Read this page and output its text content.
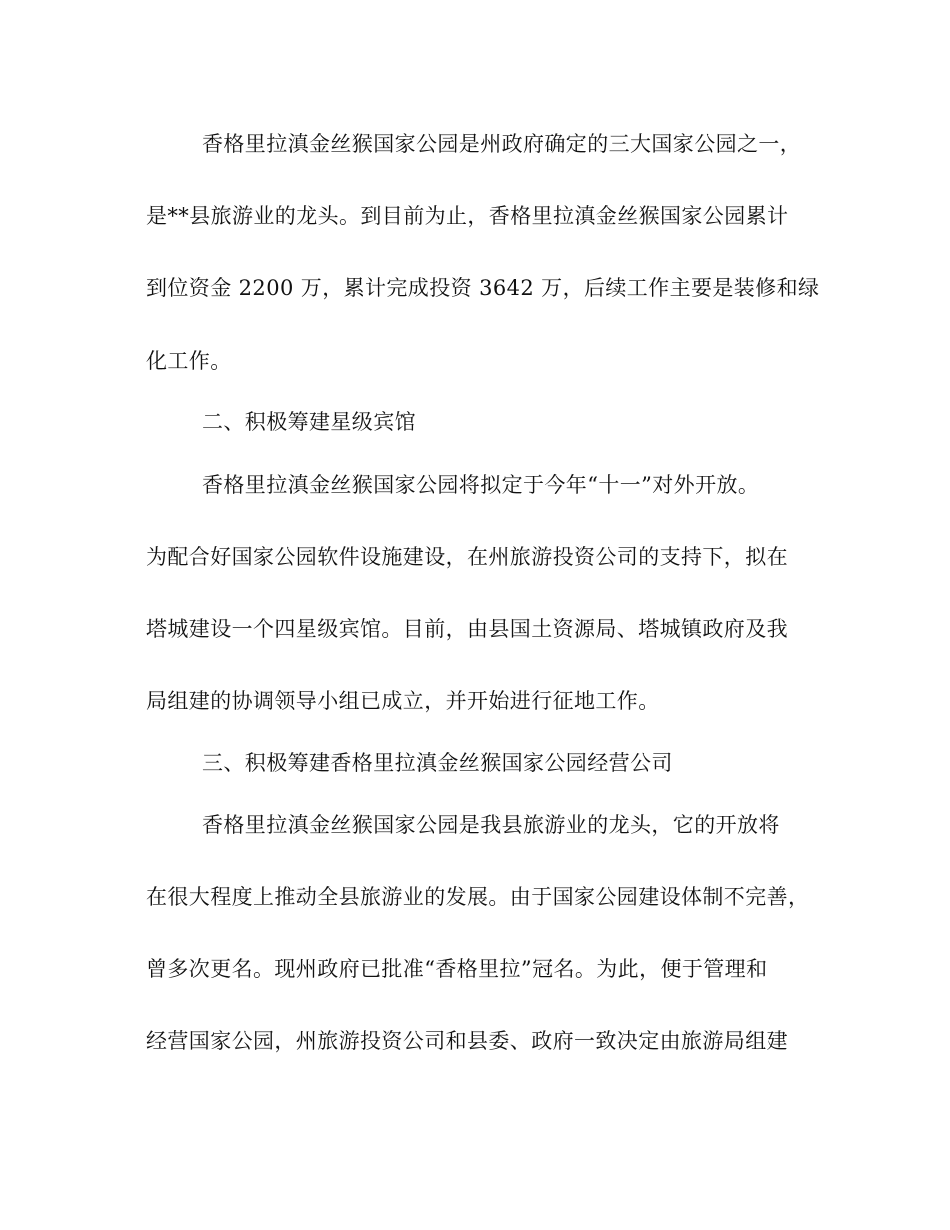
香格里拉滇金丝猴国家公园是州政府确定的三大国家公园之一，

是**县旅游业的龙头。到目前为止，香格里拉滇金丝猴国家公园累计

到位资金 2200 万，累计完成投资 3642 万，后续工作主要是装修和绿

化工作。

二、积极筹建星级宾馆

香格里拉滇金丝猴国家公园将拟定于今年“十一”对外开放。

为配合好国家公园软件设施建设，在州旅游投资公司的支持下，拟在

塔城建设一个四星级宾馆。目前，由县国土资源局、塔城镇政府及我

局组建的协调领导小组已成立，并开始进行征地工作。

三、积极筹建香格里拉滇金丝猴国家公园经营公司

香格里拉滇金丝猴国家公园是我县旅游业的龙头，它的开放将

在很大程度上推动全县旅游业的发展。由于国家公园建设体制不完善，

曾多次更名。现州政府已批准“香格里拉”冠名。为此，便于管理和

经营国家公园，州旅游投资公司和县委、政府一致决定由旅游局组建
